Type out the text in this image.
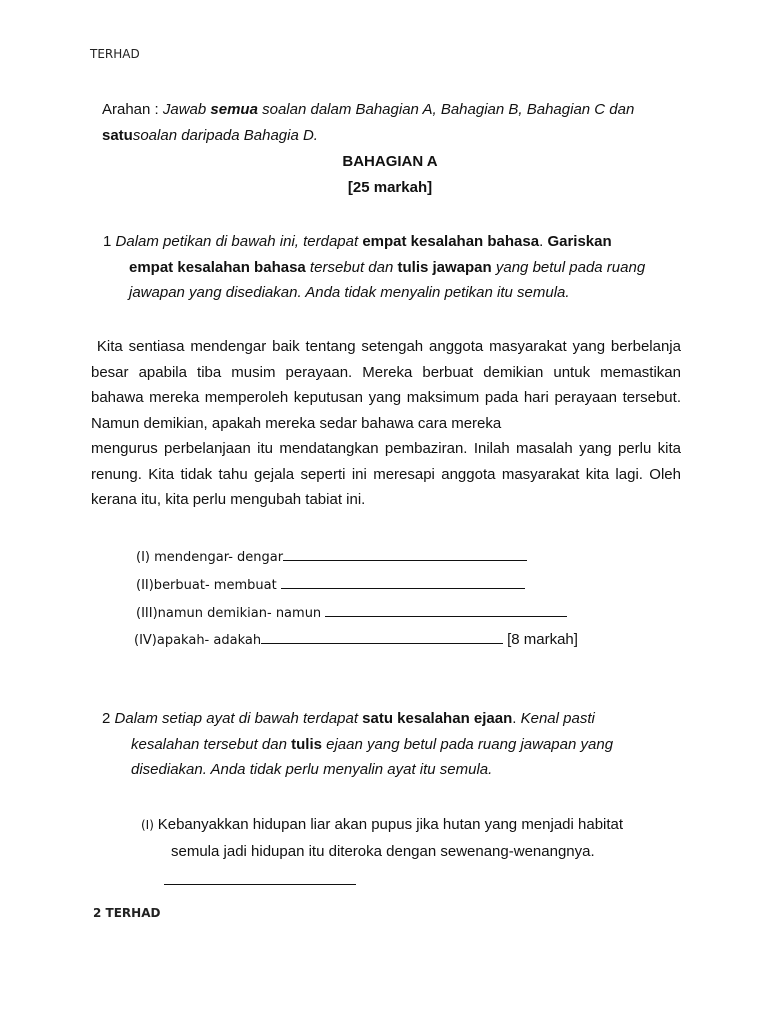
TERHAD
Arahan : Jawab semua soalan dalam Bahagian A, Bahagian B, Bahagian C dan
satusoalan daripada Bahagia D.
BAHAGIAN A
[25 markah]
1 Dalam petikan di bawah ini, terdapat empat kesalahan bahasa. Gariskan
empat kesalahan bahasa tersebut dan tulis jawapan yang betul pada ruang
jawapan yang disediakan. Anda tidak menyalin petikan itu semula.
Kita sentiasa mendengar baik tentang setengah anggota masyarakat yang berbelanja
besar apabila tiba musim perayaan. Mereka berbuat demikian untuk memastikan
bahawa mereka memperoleh keputusan yang maksimum pada hari perayaan tersebut.
Namun demikian, apakah mereka sedar bahawa cara mereka
mengurus perbelanjaan itu mendatangkan pembaziran. Inilah masalah yang perlu kita
renung. Kita tidak tahu gejala seperti ini meresapi anggota masyarakat kita lagi. Oleh
kerana itu, kita perlu mengubah tabiat ini.
(I) mendengar- dengar
(II)berbuat- membuat
(III)namun demikian- namun
(IV)apakah- adakah	[8 markah]
2 Dalam setiap ayat di bawah terdapat satu kesalahan ejaan. Kenal pasti
kesalahan tersebut dan tulis ejaan yang betul pada ruang jawapan yang
disediakan. Anda tidak perlu menyalin ayat itu semula.
(I) Kebanyakkan hidupan liar akan pupus jika hutan yang menjadi habitat
semula jadi hidupan itu diteroka dengan sewenang-wenangnya.
2 TERHAD
